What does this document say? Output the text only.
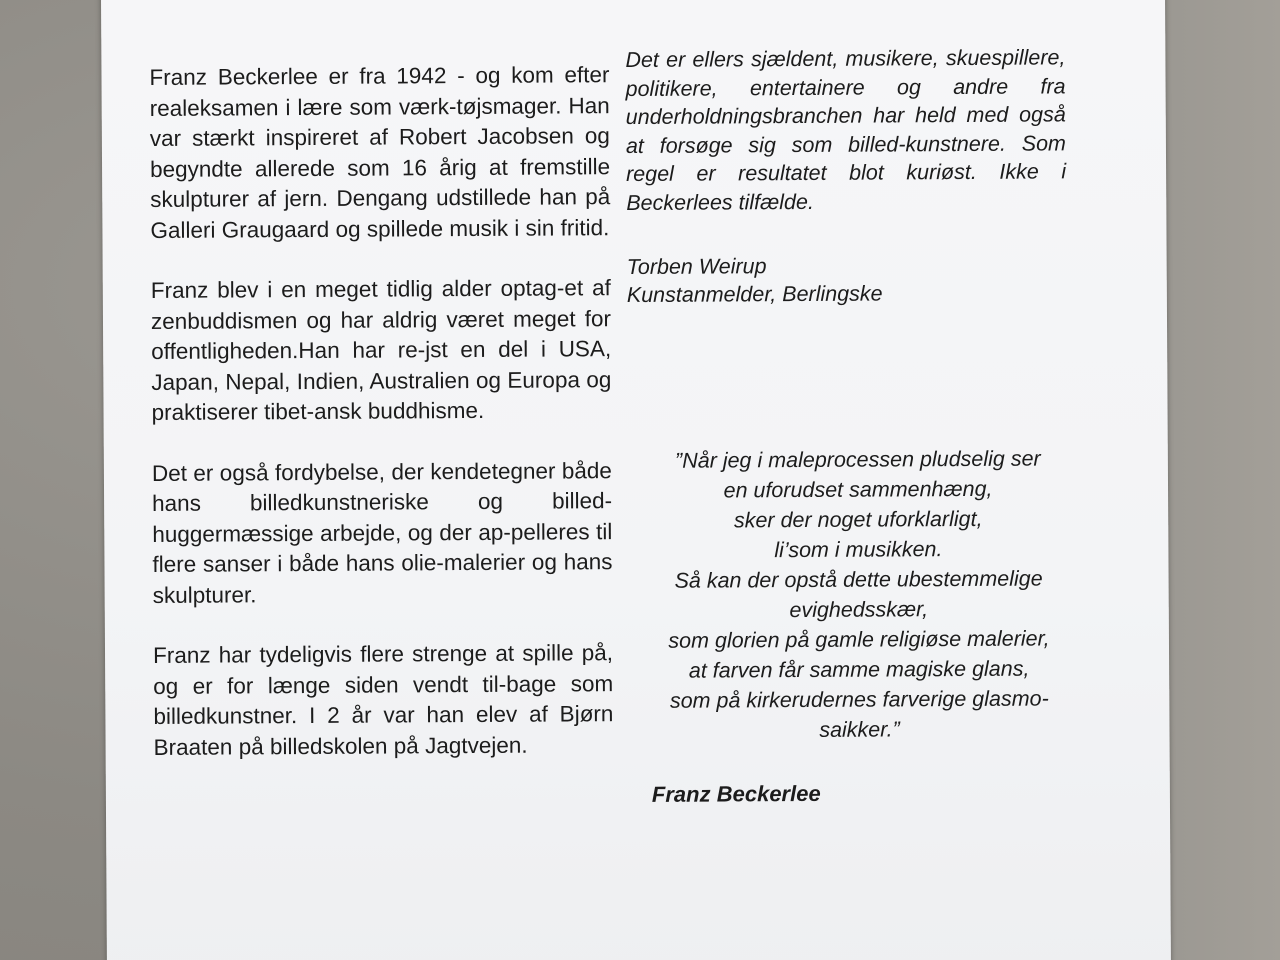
Franz Beckerlee er fra 1942 - og kom efter realeksamen i lære som værk-tøjsmager. Han var stærkt inspireret af Robert Jacobsen og begyndte allerede som 16 årig at fremstille skulpturer af jern. Dengang udstillede han på Galleri Graugaard og spillede musik i sin fritid.

Franz blev i en meget tidlig alder optag-et af zenbuddismen og har aldrig været meget for offentligheden.Han har re-jst en del i USA, Japan, Nepal, Indien, Australien og Europa og praktiserer tibet-ansk buddhisme.

Det er også fordybelse, der kendetegner både hans billedkunstneriske og billed-huggermæssige arbejde, og der ap-pelleres til flere sanser i både hans olie-malerier og hans skulpturer.

Franz har tydeligvis flere strenge at spille på, og er for længe siden vendt til-bage som billedkunstner. I 2 år var han elev af Bjørn Braaten på billedskolen på Jagtvejen.

Det er ellers sjældent, musikere, skuespillere, politikere, entertainere og andre fra underholdningsbranchen har held med også at forsøge sig som billed-kunstnere. Som regel er resultatet blot kuriøst. Ikke i Beckerlees tilfælde.

Torben Weirup
Kunstanmelder, Berlingske
”Når jeg i maleprocessen pludselig ser
en uforudset sammenhæng,
sker der noget uforklarligt,
li’som i musikken.
Så kan der opstå dette ubestemmelige
evighedsskær,
som glorien på gamle religiøse malerier,
at farven får samme magiske glans,
som på kirkerudernes farverige glasmo-
saikker.”
Franz Beckerlee
